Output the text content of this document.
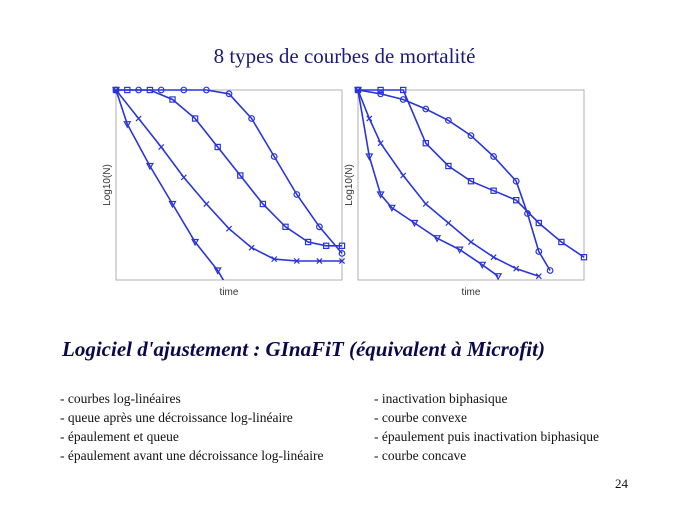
8 types de courbes de mortalité
time
Log10(N)
time
Log10(N)
Logiciel d'ajustement : GInaFiT (équivalent à Microfit)
- courbes log-linéaires
- queue après une décroissance log-linéaire
- épaulement et queue
- épaulement avant une décroissance log-linéaire
- inactivation biphasique
- courbe convexe
- épaulement puis inactivation biphasique
- courbe concave
24
